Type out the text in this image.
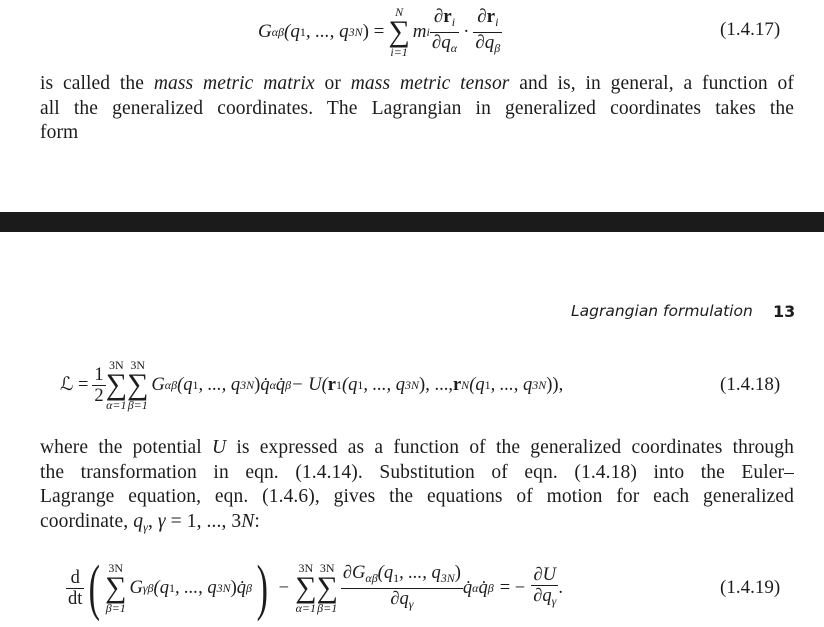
G αβ (q 1 , ..., q 3N ) =
N
∑
i=1
m i $\frac{\partial r_i}{\partial q_\alpha} \cdot \frac{\partial r_i}{\partial q_\beta}$	(1.4.17)
is called the mass metric matrix or mass metric tensor and is, in general, a function of
all the generalized coordinates. The Lagrangian in generalized coordinates takes the
form
Lagrangian formulation 13
ℒ = $\frac{1}{2} 3N$
∑
α=1
3N
∑
β=1
G αβ (q 1 , ..., q 3N ) q̇ α q̇ β − U( r 1 (q 1 , ..., q 3N ), ..., r N (q 1 , ..., q 3N )),	(1.4.18)
where the potential U is expressed as a function of the generalized coordinates through
the transformation in eqn. (1.4.14). Substitution of eqn. (1.4.18) into the Euler–
Lagrange equation, eqn. (1.4.6), gives the equations of motion for each generalized
coordinate, $q_\gamma$, γ = 1, ..., 3N:
$\frac{d}{dt}$ ( 3N
∑
β=1
G γβ (q 1 , ..., q 3N ) q̇ β ) −
3N
∑
α=1
3N
∑
$\beta=1 \frac{\partial G_{\alpha\beta}(q_1, ..., q_{3N})}{\partial q_\gamma}$ q̇ α q̇ β = − $\frac{\partial U}{\partial q_\gamma}$ .	(1.4.19)
